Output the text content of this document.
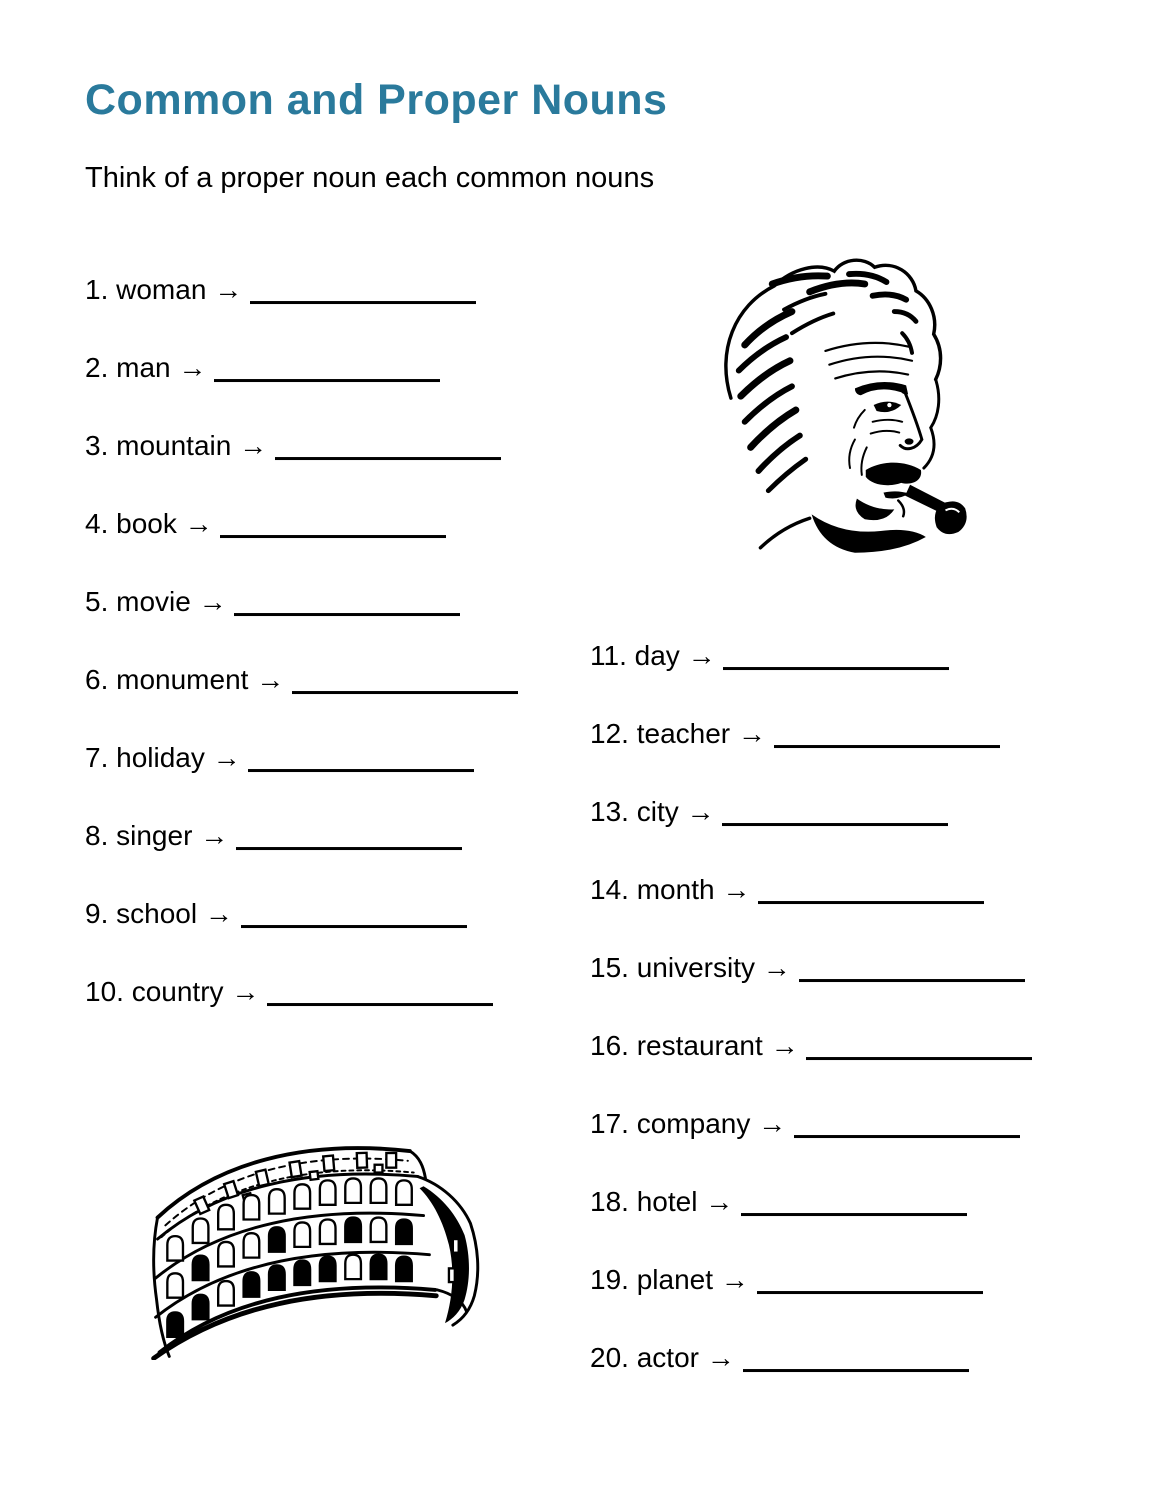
Common and Proper Nouns
Think of a proper noun each common nouns
1. woman →
2. man →
3. mountain →
4. book →
5. movie →
6. monument →
7. holiday →
8. singer →
9. school →
10. country →
11. day →
12. teacher →
13. city →
14. month →
15. university →
16. restaurant →
17. company →
18. hotel →
19. planet →
20. actor →
